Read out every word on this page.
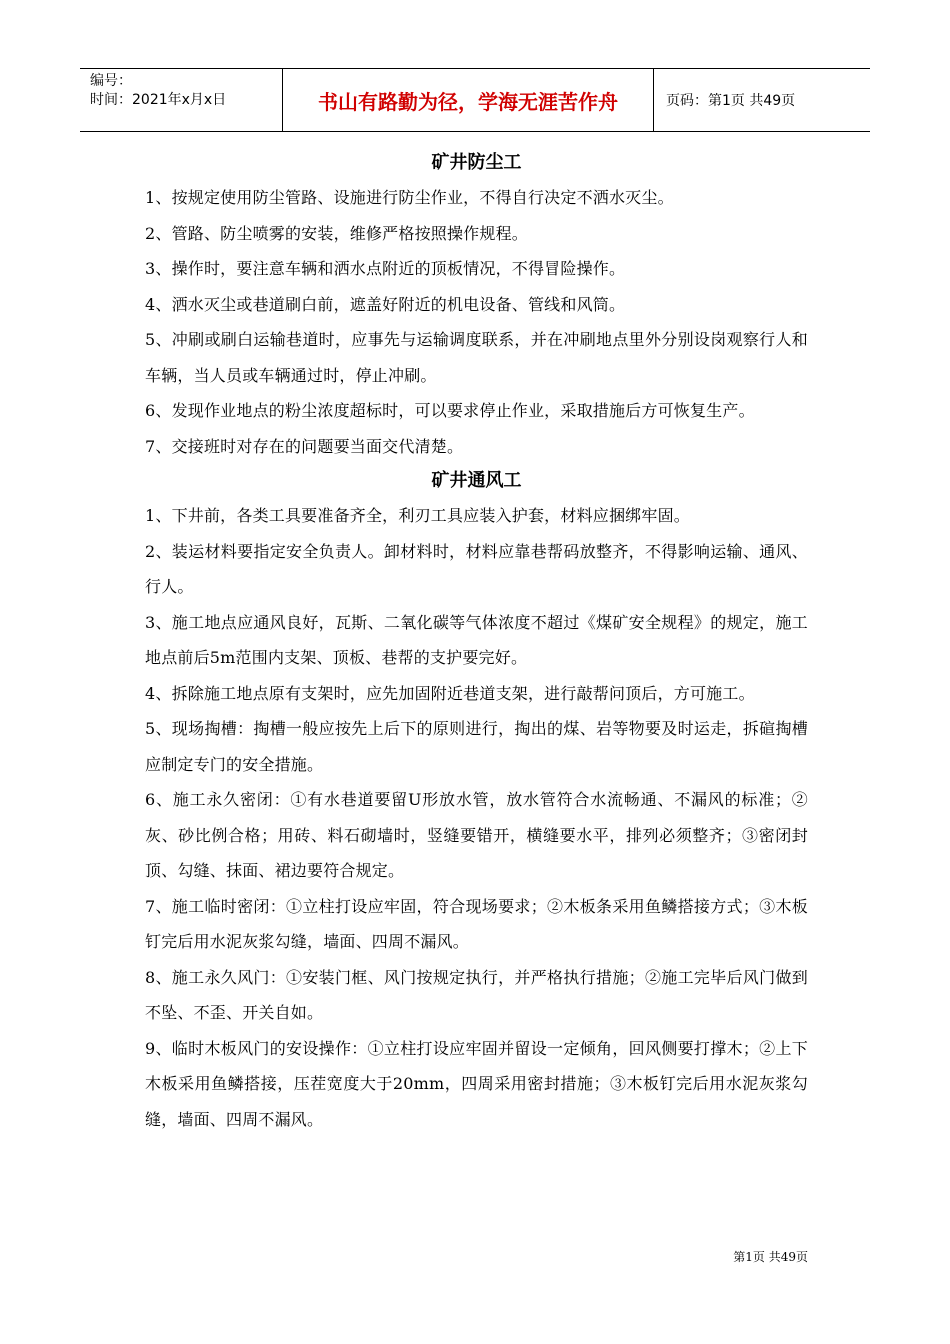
编号：
时间：2021年x月x日	书山有路勤为径，学海无涯苦作舟	页码：第1页 共49页
矿井防尘工

1、按规定使用防尘管路、设施进行防尘作业，不得自行决定不洒水灭尘。

2、管路、防尘喷雾的安装，维修严格按照操作规程。

3、操作时，要注意车辆和洒水点附近的顶板情况，不得冒险操作。

4、洒水灭尘或巷道刷白前，遮盖好附近的机电设备、管线和风筒。

5、冲刷或刷白运输巷道时，应事先与运输调度联系，并在冲刷地点里外分别设岗观察行人和车辆，当人员或车辆通过时，停止冲刷。

6、发现作业地点的粉尘浓度超标时，可以要求停止作业，采取措施后方可恢复生产。

7、交接班时对存在的问题要当面交代清楚。

矿井通风工

1、下井前，各类工具要准备齐全，利刃工具应装入护套，材料应捆绑牢固。

2、装运材料要指定安全负责人。卸材料时，材料应靠巷帮码放整齐，不得影响运输、通风、行人。

3、施工地点应通风良好，瓦斯、二氧化碳等气体浓度不超过《煤矿安全规程》的规定，施工地点前后5m范围内支架、顶板、巷帮的支护要完好。

4、拆除施工地点原有支架时，应先加固附近巷道支架，进行敲帮问顶后，方可施工。

5、现场掏槽：掏槽一般应按先上后下的原则进行，掏出的煤、岩等物要及时运走，拆碹掏槽应制定专门的安全措施。

6、施工永久密闭：①有水巷道要留U形放水管，放水管符合水流畅通、不漏风的标准；②灰、砂比例合格；用砖、料石砌墙时，竖缝要错开，横缝要水平，排列必须整齐；③密闭封顶、勾缝、抹面、裙边要符合规定。

7、施工临时密闭：①立柱打设应牢固，符合现场要求；②木板条采用鱼鳞搭接方式；③木板钉完后用水泥灰浆勾缝，墙面、四周不漏风。

8、施工永久风门：①安装门框、风门按规定执行，并严格执行措施；②施工完毕后风门做到不坠、不歪、开关自如。

9、临时木板风门的安设操作：①立柱打设应牢固并留设一定倾角，回风侧要打撑木；②上下木板采用鱼鳞搭接，压茬宽度大于20mm，四周采用密封措施；③木板钉完后用水泥灰浆勾缝，墙面、四周不漏风。

第1页 共49页
